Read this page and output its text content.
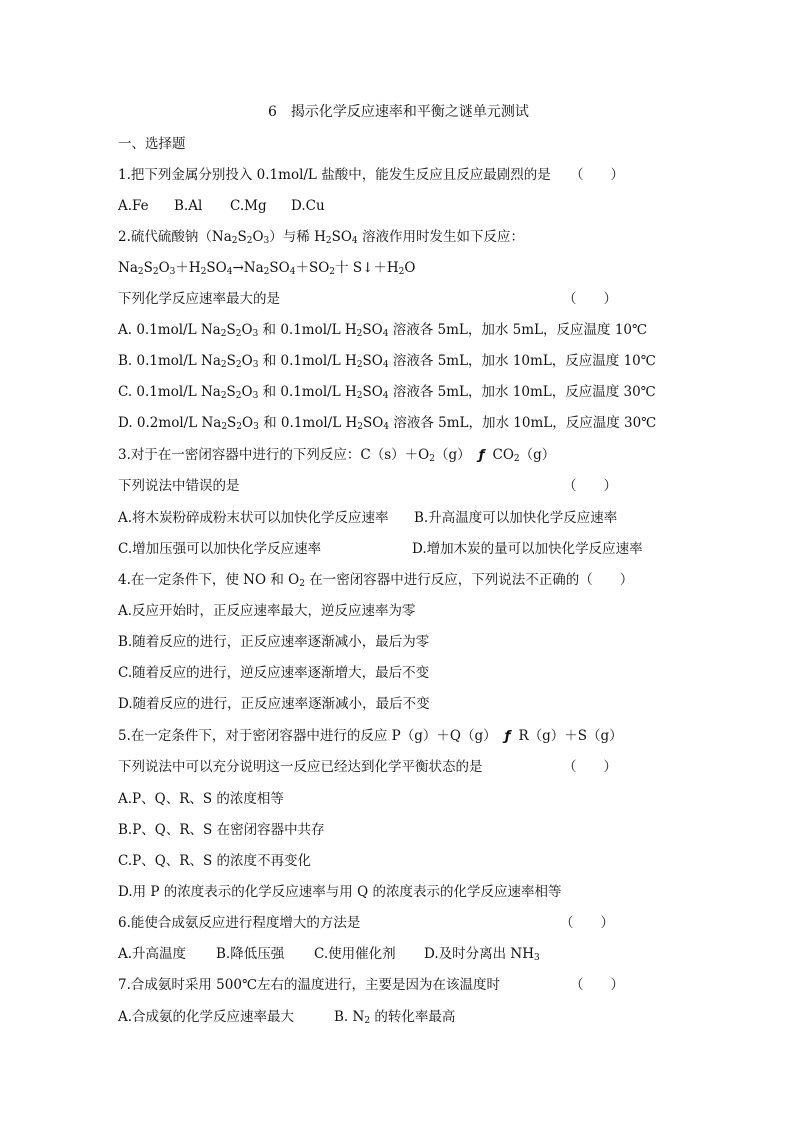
6　揭示化学反应速率和平衡之谜单元测试
一、选择题
1.把下列金属分别投入 0.1mol/L 盐酸中，能发生反应且反应最剧烈的是 （　　）
A.Fe B.Al C.Mg D.Cu
2.硫代硫酸钠$(Na_2S_2O_3)$与稀 $H_2SO_4$ 溶液作用时发生如下反应：
$Na_2S_2O_3+H_2SO_4\to Na_2SO_4+SO_2$十 $S↓+H_2O$
下列化学反应速率最大的是	（　　）
A. 0.1mol/L $Na_2S_2O_3$ 和 0.1mol/L $H_2SO_4$ 溶液各 5mL，加水 5mL，反应温度 10℃
B. 0.1mol/L $Na_2S_2O_3$ 和 0.1mol/L $H_2SO_4$ 溶液各 5mL，加水 10mL，反应温度 10℃
C. 0.1mol/L $Na_2S_2O_3$ 和 0.1mol/L $H_2SO_4$ 溶液各 5mL，加水 10mL，反应温度 30℃
D. 0.2mol/L $Na_2S_2O_3$ 和 0.1mol/L $H_2SO_4$ 溶液各 5mL，加水 10mL，反应温度 30℃
3.对于在一密闭容器中进行的下列反应：$C(s)+O_2(g)$ ƒ $CO_2(g)$
下列说法中错误的是	（　　）
A.将木炭粉碎成粉末状可以加快化学反应速率 B.升高温度可以加快化学反应速率
C.增加压强可以加快化学反应速率	D.增加木炭的量可以加快化学反应速率
4.在一定条件下，使 NO 和 $O_2$ 在一密闭容器中进行反应，下列说法不正确的（　　）
A.反应开始时，正反应速率最大，逆反应速率为零
B.随着反应的进行，正反应速率逐渐减小，最后为零
C.随着反应的进行，逆反应速率逐渐增大，最后不变
D.随着反应的进行，正反应速率逐渐减小，最后不变
5.在一定条件下，对于密闭容器中进行的反应 P（g）＋Q（g） ƒ R（g）＋S（g）
下列说法中可以充分说明这一反应已经达到化学平衡状态的是	（　　）
A.P、Q、R、S 的浓度相等
B.P、Q、R、S 在密闭容器中共存
C.P、Q、R、S 的浓度不再变化
D.用 P 的浓度表示的化学反应速率与用 Q 的浓度表示的化学反应速率相等
6.能使合成氨反应进行程度增大的方法是	（　　）
A.升高温度 B.降低压强 C.使用催化剂 D.及时分离出 $NH_3$
7.合成氨时采用 500℃左右的温度进行，主要是因为在该温度时	（　　）
A.合成氨的化学反应速率最大	B. $N_2$ 的转化率最高
